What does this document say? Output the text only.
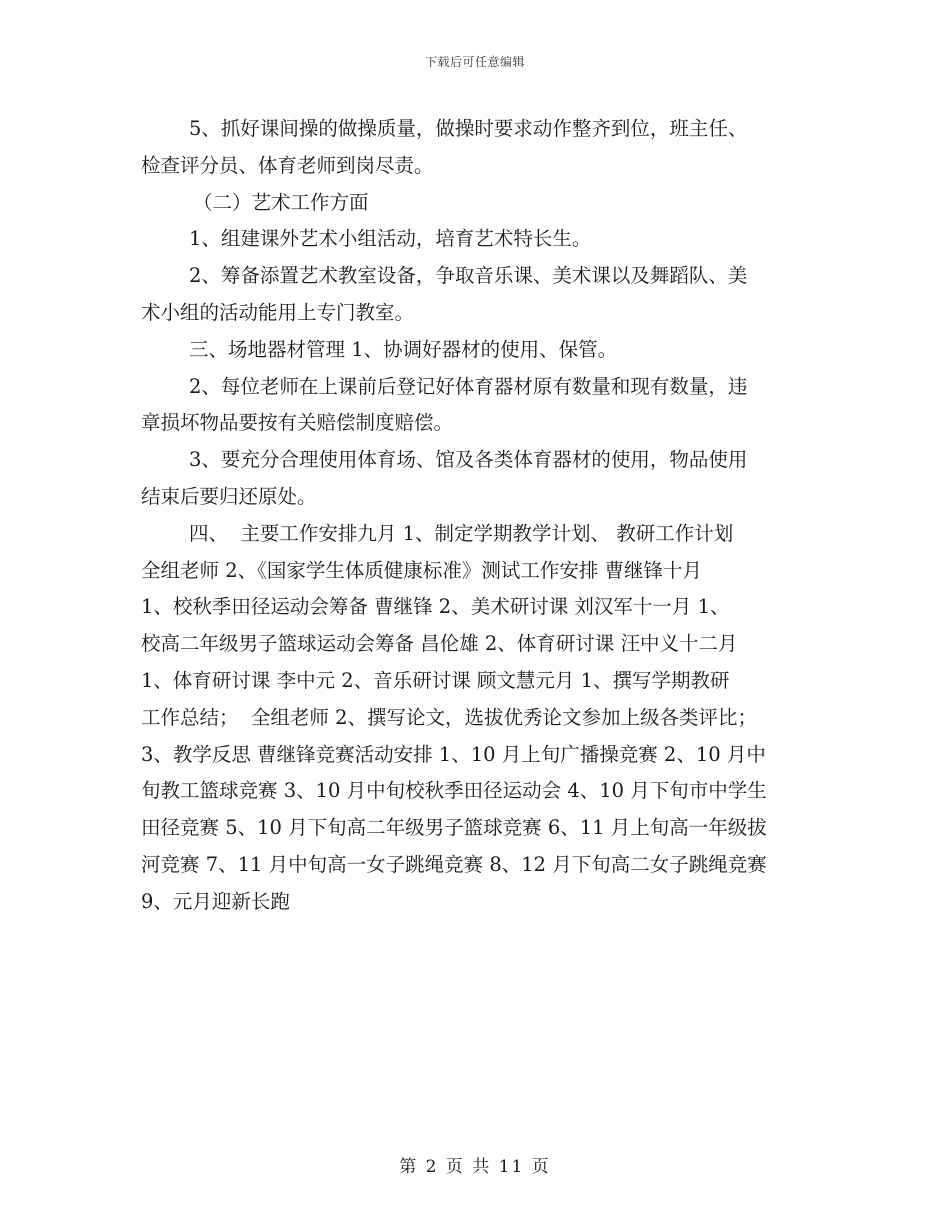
下载后可任意编辑
5、抓好课间操的做操质量，做操时要求动作整齐到位，班主任、
检查评分员、体育老师到岗尽责。
（二）艺术工作方面
1、组建课外艺术小组活动，培育艺术特长生。
2、筹备添置艺术教室设备，争取音乐课、美术课以及舞蹈队、美
术小组的活动能用上专门教室。
三、场地器材管理 1、协调好器材的使用、保管。
2、每位老师在上课前后登记好体育器材原有数量和现有数量，违
章损坏物品要按有关赔偿制度赔偿。
3、要充分合理使用体育场、馆及各类体育器材的使用，物品使用
结束后要归还原处。
四、  主要工作安排九月 1、制定学期教学计划、 教研工作计划
全组老师 2、《国家学生体质健康标准》测试工作安排 曹继锋十月
1、校秋季田径运动会筹备 曹继锋 2、美术研讨课 刘汉军十一月 1、
校高二年级男子篮球运动会筹备 昌伦雄 2、体育研讨课 汪中义十二月
1、体育研讨课 李中元 2、音乐研讨课 顾文慧元月 1、撰写学期教研
工作总结；  全组老师 2、撰写论文，选拔优秀论文参加上级各类评比；
3、教学反思 曹继锋竞赛活动安排 1、10 月上旬广播操竞赛 2、10 月中
旬教工篮球竞赛 3、10 月中旬校秋季田径运动会 4、10 月下旬市中学生
田径竞赛 5、10 月下旬高二年级男子篮球竞赛 6、11 月上旬高一年级拔
河竞赛 7、11 月中旬高一女子跳绳竞赛 8、12 月下旬高二女子跳绳竞赛
9、元月迎新长跑
第 2 页 共 11 页
